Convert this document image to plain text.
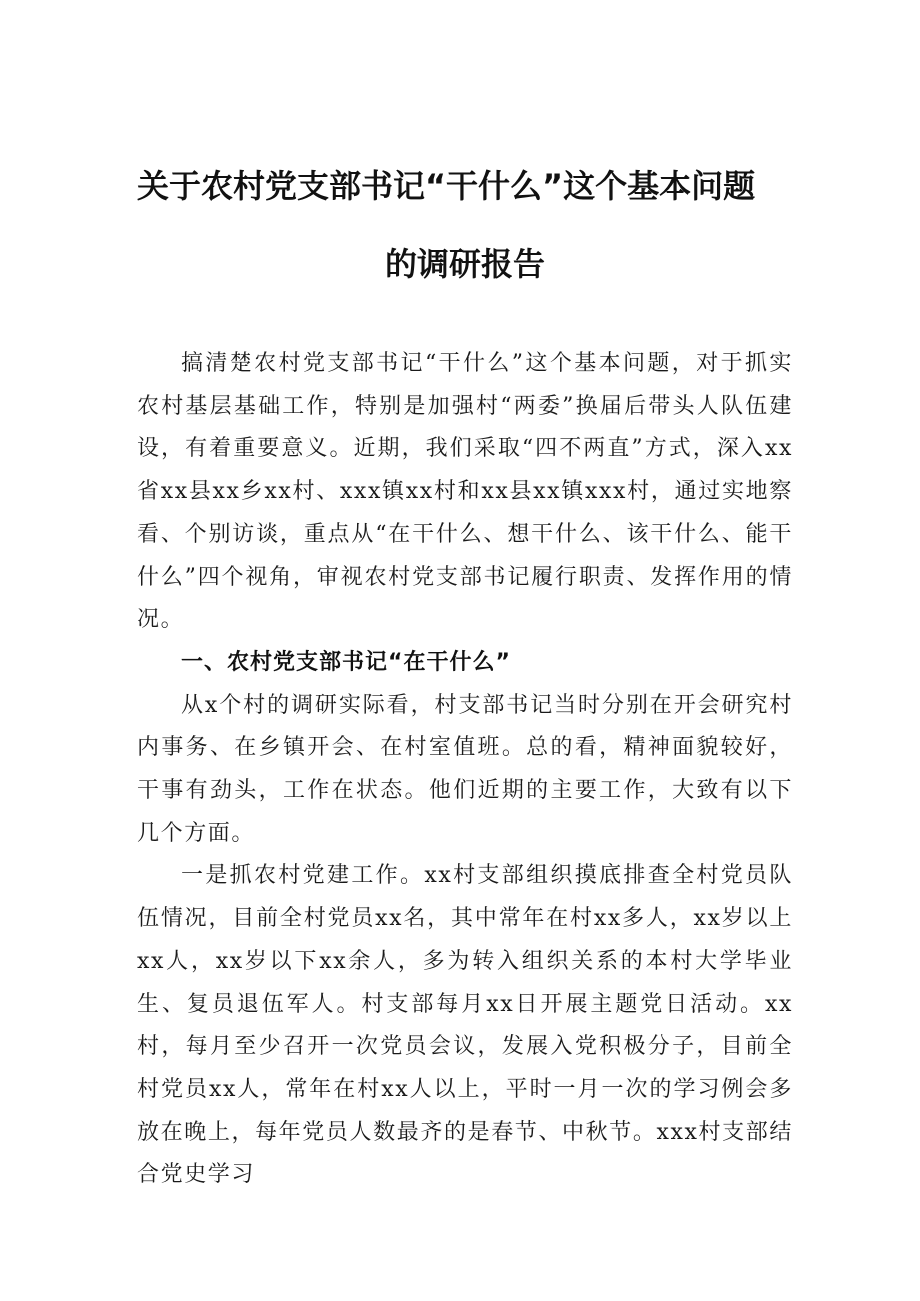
关于农村党支部书记“干什么”这个基本问题
的调研报告

搞清楚农村党支部书记“干什么”这个基本问题，对于抓实农村基层基础工作，特别是加强村“两委”换届后带头人队伍建设，有着重要意义。近期，我们采取“四不两直”方式，深入xx省xx县xx乡xx村、xxx镇xx村和xx县xx镇xxx村，通过实地察看、个别访谈，重点从“在干什么、想干什么、该干什么、能干什么”四个视角，审视农村党支部书记履行职责、发挥作用的情况。

一、农村党支部书记“在干什么”

从x个村的调研实际看，村支部书记当时分别在开会研究村内事务、在乡镇开会、在村室值班。总的看，精神面貌较好，干事有劲头，工作在状态。他们近期的主要工作，大致有以下几个方面。

一是抓农村党建工作。xx村支部组织摸底排查全村党员队伍情况，目前全村党员xx名，其中常年在村xx多人，xx岁以上xx人，xx岁以下xx余人，多为转入组织关系的本村大学毕业生、复员退伍军人。村支部每月xx日开展主题党日活动。xx村，每月至少召开一次党员会议，发展入党积极分子，目前全村党员xx人，常年在村xx人以上，平时一月一次的学习例会多放在晚上，每年党员人数最齐的是春节、中秋节。xxx村支部结合党史学习
